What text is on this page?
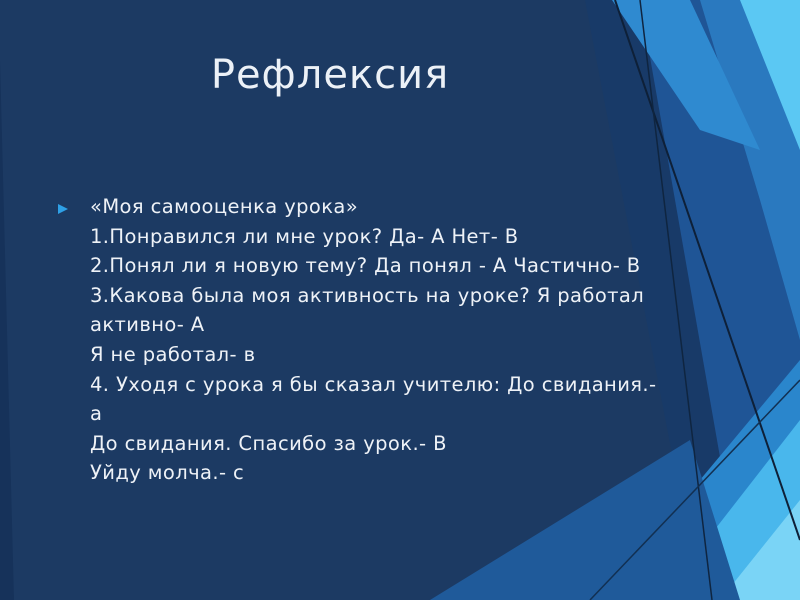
Рефлексия
«Моя самооценка урока»
1.Понравился ли мне урок? Да- А Нет- В
2.Понял ли я новую тему? Да понял - А Частично- В
3.Какова была моя активность на уроке? Я работал
активно- А
Я не работал- в
4. Уходя с урока я бы сказал учителю: До свидания.-
а
До свидания. Спасибо за урок.- В
Уйду молча.- с
